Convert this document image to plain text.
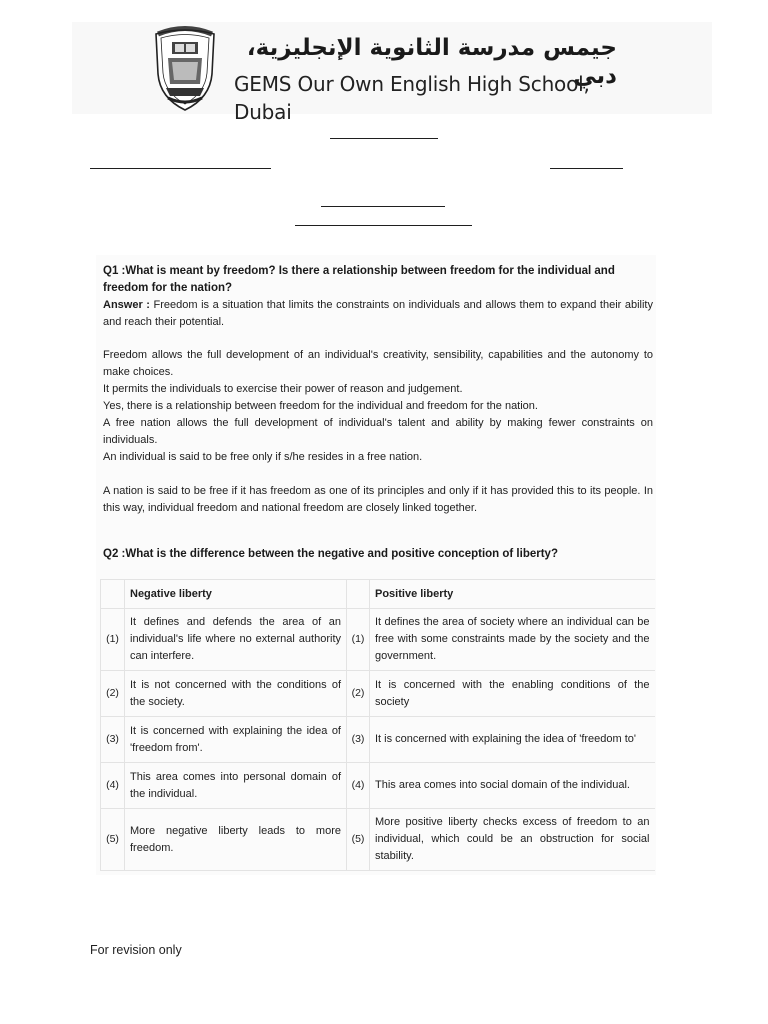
جيمس مدرسة الثانوية الإنجليزية، دبي
GEMS Our Own English High School, Dubai
Q1 :What is meant by freedom? Is there a relationship between freedom for the individual and freedom for the nation?
Answer : Freedom is a situation that limits the constraints on individuals and allows them to expand their ability and reach their potential.
Freedom allows the full development of an individual's creativity, sensibility, capabilities and the autonomy to make choices.
It permits the individuals to exercise their power of reason and judgement.
Yes, there is a relationship between freedom for the individual and freedom for the nation.
A free nation allows the full development of individual's talent and ability by making fewer constraints on individuals.
An individual is said to be free only if s/he resides in a free nation.
A nation is said to be free if it has freedom as one of its principles and only if it has provided this to its people. In this way, individual freedom and national freedom are closely linked together.
Q2 :What is the difference between the negative and positive conception of liberty?
	Negative liberty		Positive liberty
(1)	It defines and defends the area of an individual's life where no external authority can interfere.	(1)	It defines the area of society where an individual can be free with some constraints made by the society and the government.
(2)	It is not concerned with the conditions of the society.	(2)	It is concerned with the enabling conditions of the society
(3)	It is concerned with explaining the idea of 'freedom from'.	(3)	It is concerned with explaining the idea of 'freedom to'
(4)	This area comes into personal domain of the individual.	(4)	This area comes into social domain of the individual.
(5)	More negative liberty leads to more freedom.	(5)	More positive liberty checks excess of freedom to an individual, which could be an obstruction for social stability.
For revision only
